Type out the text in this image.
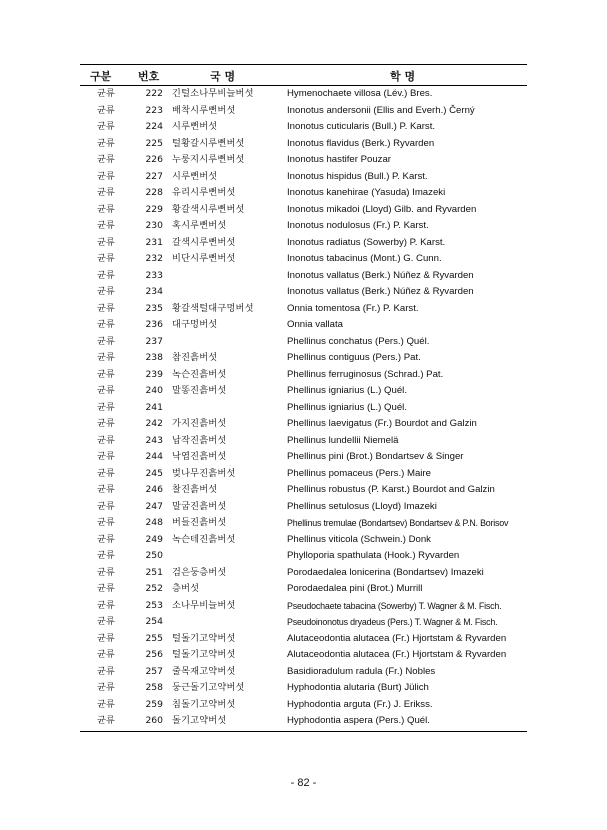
구분 번호	국 명	학 명
균류	222 긴털소나무비늘버섯	Hymenochaete villosa (Lév.) Bres.
균류	223 배착시루뻔버섯	Inonotus andersonii (Ellis and Everh.) Černý
균류	224 시루뻔버섯	Inonotus cuticularis (Bull.) P. Karst.
균류	225 털황갈시루뻔버섯	Inonotus flavidus (Berk.) Ryvarden
균류	226 누룽지시루뻔버섯	Inonotus hastifer Pouzar
균류	227 시루뻔버섯	Inonotus hispidus (Bull.) P. Karst.
균류	228 유리시루뻔버섯	Inonotus kanehirae (Yasuda) Imazeki
균류	229 황갈색시루뻔버섯	Inonotus mikadoi (Lloyd) Gilb. and Ryvarden
균류	230 혹시루뻔버섯	Inonotus nodulosus (Fr.) P. Karst.
균류	231 갈색시루뻔버섯	Inonotus radiatus (Sowerby) P. Karst.
균류	232 비단시루뻔버섯	Inonotus tabacinus (Mont.) G. Cunn.
균류	233	Inonotus vallatus (Berk.) Núñez & Ryvarden
균류	234	Inonotus vallatus (Berk.) Núñez & Ryvarden
균류	235 황갈색털대구멍버섯	Onnia tomentosa (Fr.) P. Karst.
균류	236 대구멍버섯	Onnia vallata
균류	237	Phellinus conchatus (Pers.) Quél.
균류	238 참진흙버섯	Phellinus contiguus (Pers.) Pat.
균류	239 녹슨진흙버섯	Phellinus ferruginosus (Schrad.) Pat.
균류	240 말똥진흙버섯	Phellinus igniarius (L.) Quél.
균류	241	Phellinus igniarius (L.) Quél.
균류	242 가지진흙버섯	Phellinus laevigatus (Fr.) Bourdot and Galzin
균류	243 납작진흙버섯	Phellinus lundellii Niemelä
균류	244 낙엽진흙버섯	Phellinus pini (Brot.) Bondartsev & Singer
균류	245 벚나무진흙버섯	Phellinus pomaceus (Pers.) Maire
균류	246 찰진흙버섯	Phellinus robustus (P. Karst.) Bourdot and Galzin
균류	247 말굽진흙버섯	Phellinus setulosus (Lloyd) Imazeki
균류	248 버들진흙버섯	Phellinus tremulae (Bondartsev) Bondartsev & P.N. Borisov
균류	249 녹슨테진흙버섯	Phellinus viticola (Schwein.) Donk
균류	250	Phylloporia spathulata (Hook.) Ryvarden
균류	251 검은둥층버섯	Porodaedalea lonicerina (Bondartsev) Imazeki
균류	252 층버섯	Porodaedalea pini (Brot.) Murrill
균류	253 소나무비늘버섯	Pseudochaete tabacina (Sowerby) T. Wagner & M. Fisch.
균류	254	Pseudoinonotus dryadeus (Pers.) T. Wagner & M. Fisch.
균류	255 털돌기고약버섯	Alutaceodontia alutacea (Fr.) Hjortstam & Ryvarden
균류	256 털돌기고약버섯	Alutaceodontia alutacea (Fr.) Hjortstam & Ryvarden
균류	257 줄목재고약버섯	Basidioradulum radula (Fr.) Nobles
균류	258 둥근돌기고약버섯	Hyphodontia alutaria (Burt) Jülich
균류	259 침돌기고약버섯	Hyphodontia arguta (Fr.) J. Erikss.
균류	260 돌기고약버섯	Hyphodontia aspera (Pers.) Quél.
- 82 -
